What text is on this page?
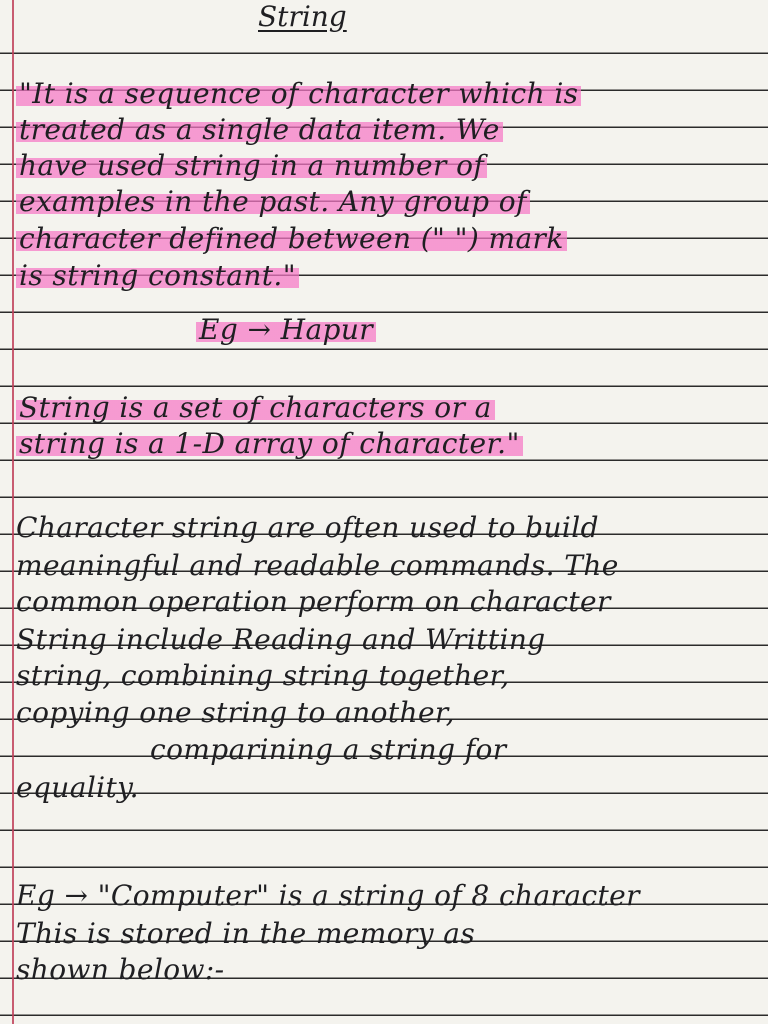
String
"It is a sequence of character which is
treated as a single data item. We
have used string in a number of
examples in the past. Any group of
character defined between (" ") mark
is string constant."
Eg → Hapur
String is a set of characters or a
string is a 1-D array of character."
Character string are often used to build
meaningful and readable commands. The
common operation perform on character
String include Reading and Writting
string, combining string together,
copying one string to another,
comparining a string for
equality.
Eg → "Computer" is a string of 8 character
This is stored in the memory as
shown below:-
